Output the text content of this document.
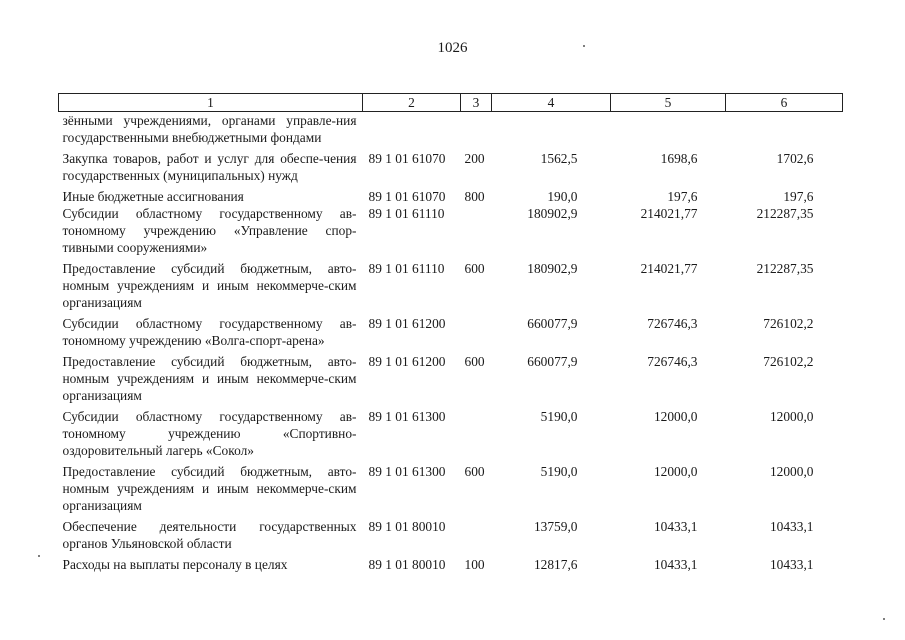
1026
1	2	3	4	5	6
зёнными учреждениями, органами управле-ния государственными внебюджетными фондами					
Закупка товаров, работ и услуг для обеспе-чения государственных (муниципальных) нужд	89 1 01 61070	200	1562,5	1698,6	1702,6
Иные бюджетные ассигнования	89 1 01 61070	800	190,0	197,6	197,6
Субсидии областному государственному ав-тономному учреждению «Управление спор-тивными сооружениями»	89 1 01 61110		180902,9	214021,77	212287,35
Предоставление субсидий бюджетным, авто-номным учреждениям и иным некоммерче-ским организациям	89 1 01 61110	600	180902,9	214021,77	212287,35
Субсидии областному государственному ав-тономному учреждению «Волга-спорт-арена»	89 1 01 61200		660077,9	726746,3	726102,2
Предоставление субсидий бюджетным, авто-номным учреждениям и иным некоммерче-ским организациям	89 1 01 61200	600	660077,9	726746,3	726102,2
Субсидии областному государственному ав-тономному учреждению «Спортивно-оздоровительный лагерь «Сокол»	89 1 01 61300		5190,0	12000,0	12000,0
Предоставление субсидий бюджетным, авто-номным учреждениям и иным некоммерче-ским организациям	89 1 01 61300	600	5190,0	12000,0	12000,0
Обеспечение деятельности государственных органов Ульяновской области	89 1 01 80010		13759,0	10433,1	10433,1
Расходы на выплаты персоналу в целях	89 1 01 80010	100	12817,6	10433,1	10433,1
